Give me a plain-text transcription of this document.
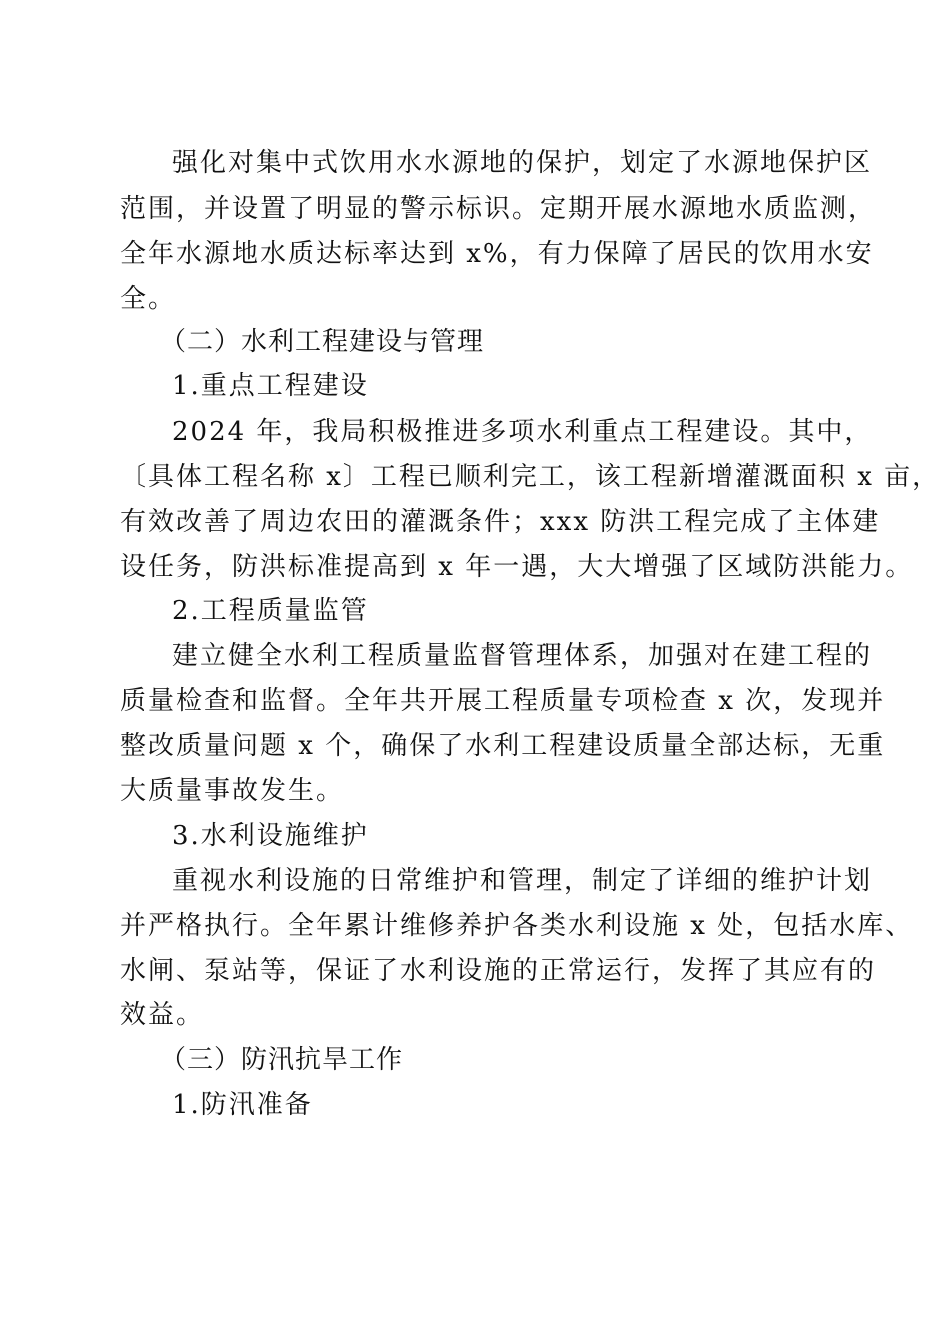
强化对集中式饮用水水源地的保护，划定了水源地保护区
范围，并设置了明显的警示标识。定期开展水源地水质监测，
全年水源地水质达标率达到 x%，有力保障了居民的饮用水安
全。
（二）水利工程建设与管理
1.重点工程建设
2024 年，我局积极推进多项水利重点工程建设。其中，
〔具体工程名称 x〕工程已顺利完工，该工程新增灌溉面积 x 亩，
有效改善了周边农田的灌溉条件；xxx 防洪工程完成了主体建
设任务，防洪标准提高到 x 年一遇，大大增强了区域防洪能力。
2.工程质量监管
建立健全水利工程质量监督管理体系，加强对在建工程的
质量检查和监督。全年共开展工程质量专项检查 x 次，发现并
整改质量问题 x 个，确保了水利工程建设质量全部达标，无重
大质量事故发生。
3.水利设施维护
重视水利设施的日常维护和管理，制定了详细的维护计划
并严格执行。全年累计维修养护各类水利设施 x 处，包括水库、
水闸、泵站等，保证了水利设施的正常运行，发挥了其应有的
效益。
（三）防汛抗旱工作
1.防汛准备
